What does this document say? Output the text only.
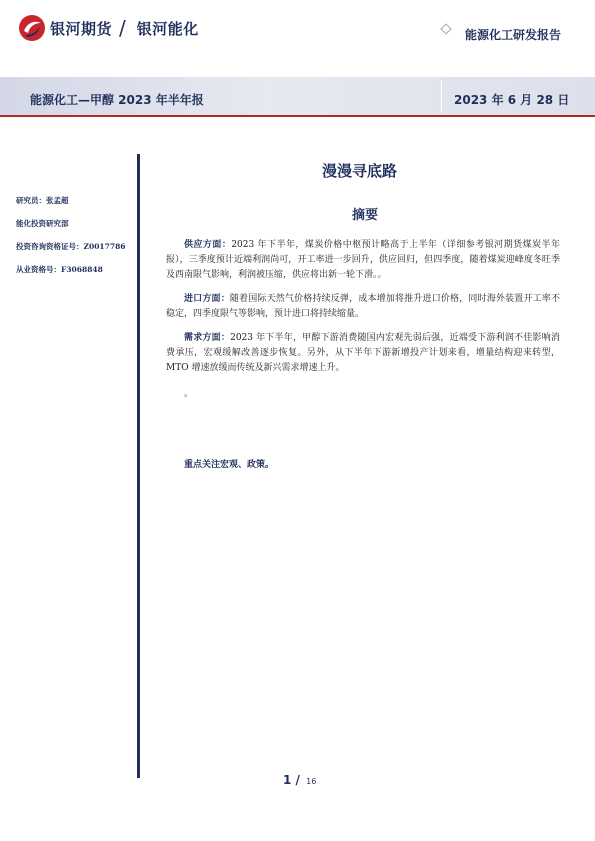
银河期货 / 银河能化	能源化工研发报告
能源化工—甲醇 2023 年半年报	2023 年 6 月 28 日
研究员：张孟超
能化投资研究部
投资咨询资格证号：Z0017786
从业资格号：F3068848
漫漫寻底路
摘要
供应方面：2023 年下半年，煤炭价格中枢预计略高于上半年（详细参考银河期货煤炭半年报），三季度预计近端利润尚可，开工率进一步回升，供应回归，但四季度，随着煤炭迎峰度冬旺季及西南限气影响，利润被压缩，供应将出新一轮下滑。。
进口方面：随着国际天然气价格持续反弹，成本增加将推升进口价格，同时海外装置开工率不稳定，四季度限气等影响，预计进口将持续缩量。
需求方面：2023 年下半年，甲醇下游消费随国内宏观先弱后强，近端受下游利润不佳影响消费承压，宏观缓解改善逐步恢复。另外，从下半年下游新增投产计划来看，增量结构迎来转型，MTO 增速放缓而传统及新兴需求增速上升。
。
重点关注宏观、政策。
1 / 16
